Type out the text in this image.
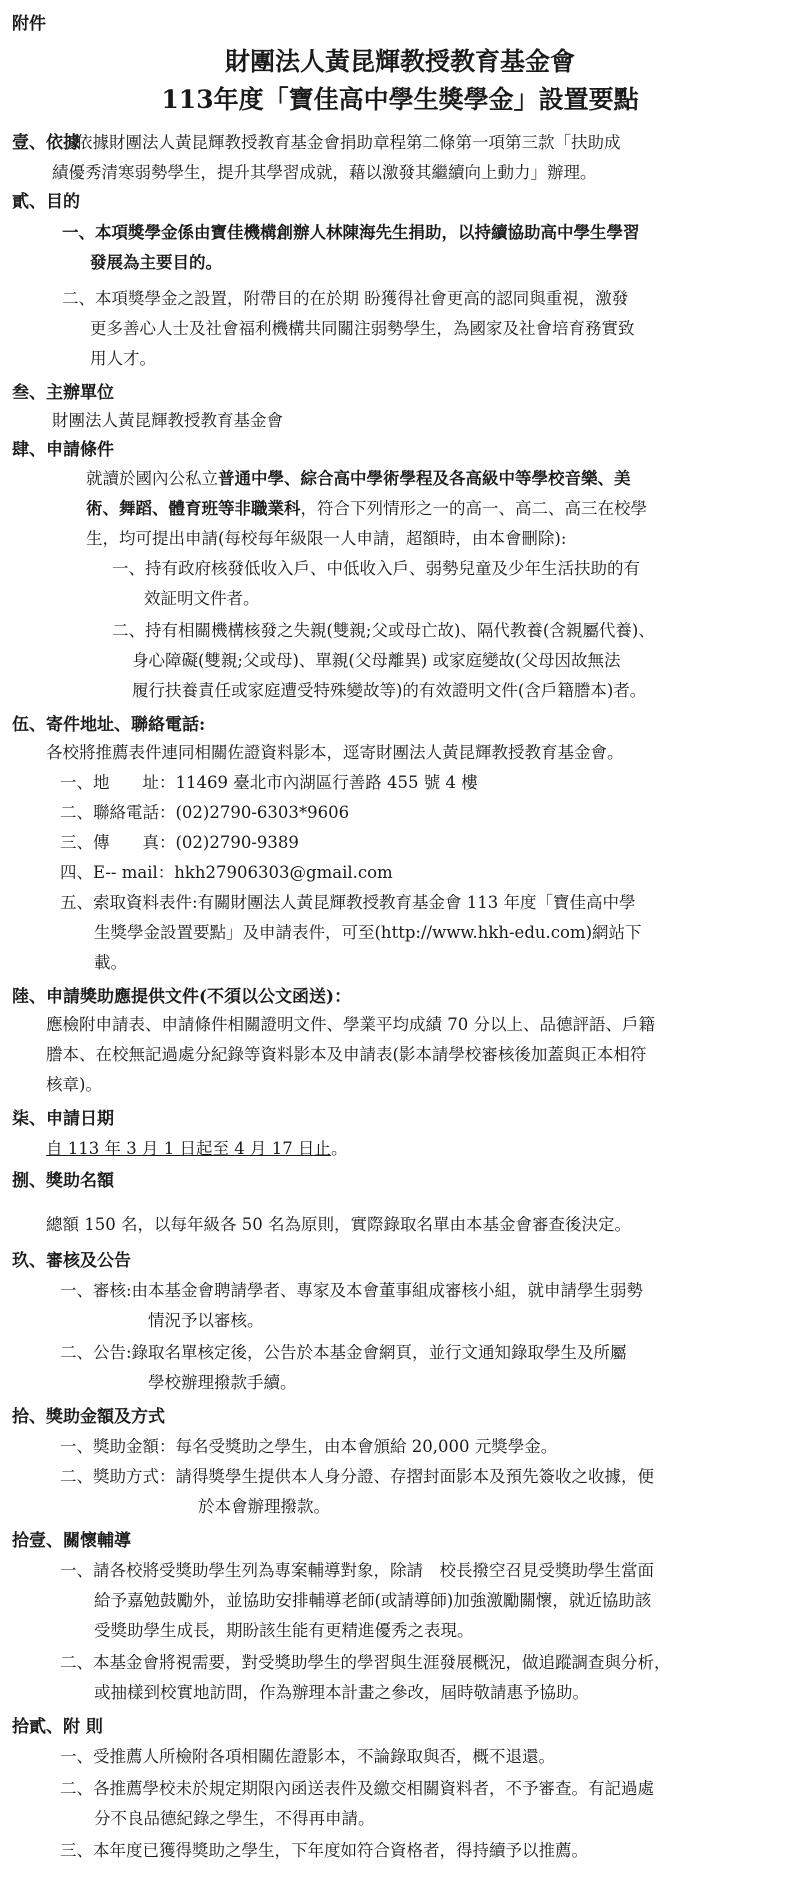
附件
財團法人黃昆輝教授教育基金會
113年度「寶佳高中學生獎學金」設置要點
壹、依據
依據財團法人黃昆輝教授教育基金會捐助章程第二條第一項第三款「扶助成
績優秀清寒弱勢學生，提升其學習成就，藉以激發其繼續向上動力」辦理。
貳、目的
一、本項獎學金係由寶佳機構創辦人林陳海先生捐助，以持續協助高中學生學習
發展為主要目的。
二、本項獎學金之設置，附帶目的在於期 盼獲得社會更高的認同與重視，激發
更多善心人士及社會福利機構共同關注弱勢學生，為國家及社會培育務實致
用人才。
叁、主辦單位
財團法人黃昆輝教授教育基金會
肆、申請條件
就讀於國內公私立普通中學、綜合高中學術學程及各高級中等學校音樂、美
術、舞蹈、體育班等非職業科，符合下列情形之一的高一、高二、高三在校學
生，均可提出申請(每校每年級限一人申請，超額時，由本會刪除):
一、持有政府核發低收入戶、中低收入戶、弱勢兒童及少年生活扶助的有
效証明文件者。
二、持有相關機構核發之失親(雙親;父或母亡故)、隔代教養(含親屬代養)、
身心障礙(雙親;父或母)、單親(父母離異) 或家庭變故(父母因故無法
履行扶養責任或家庭遭受特殊變故等)的有效證明文件(含戶籍謄本)者。
伍、寄件地址、聯絡電話:
各校將推薦表件連同相關佐證資料影本，逕寄財團法人黃昆輝教授教育基金會。
一、地　　址：11469 臺北市內湖區行善路 455 號 4 樓
二、聯絡電話：(02)2790-6303*9606
三、傳　　真：(02)2790-9389
四、E-- mail：hkh27906303@gmail.com
五、索取資料表件:有關財團法人黃昆輝教授教育基金會 113 年度「寶佳高中學
生獎學金設置要點」及申請表件，可至(http://www.hkh-edu.com)網站下
載。
陸、申請獎助應提供文件(不須以公文函送)：
應檢附申請表、申請條件相關證明文件、學業平均成績 70 分以上、品德評語、戶籍
謄本、在校無記過處分紀錄等資料影本及申請表(影本請學校審核後加蓋與正本相符
核章)。
柒、申請日期
自 113 年 3 月 1 日起至 4 月 17 日止。
捌、獎助名額
總額 150 名，以每年級各 50 名為原則，實際錄取名單由本基金會審查後決定。
玖、審核及公告
一、審核:由本基金會聘請學者、專家及本會董事組成審核小組，就申請學生弱勢
情況予以審核。
二、公告:錄取名單核定後，公告於本基金會網頁，並行文通知錄取學生及所屬
學校辦理撥款手續。
拾、獎助金額及方式
一、獎助金額：每名受獎助之學生，由本會頒給 20,000 元獎學金。
二、獎助方式：請得獎學生提供本人身分證、存摺封面影本及預先簽收之收據，便
於本會辦理撥款。
拾壹、關懷輔導
一、請各校將受獎助學生列為專案輔導對象，除請　校長撥空召見受獎助學生當面
給予嘉勉鼓勵外，並協助安排輔導老師(或請導師)加強激勵關懷，就近協助該
受獎助學生成長，期盼該生能有更精進優秀之表現。
二、本基金會將視需要，對受獎助學生的學習與生涯發展概況，做追蹤調查與分析，
或抽樣到校實地訪問，作為辦理本計畫之參改，屆時敬請惠予協助。
拾貳、附 則
一、受推薦人所檢附各項相關佐證影本，不論錄取與否，概不退還。
二、各推薦學校未於規定期限內函送表件及繳交相關資料者，不予審查。有記過處
分不良品德紀錄之學生，不得再申請。
三、本年度已獲得獎助之學生，下年度如符合資格者，得持續予以推薦。
